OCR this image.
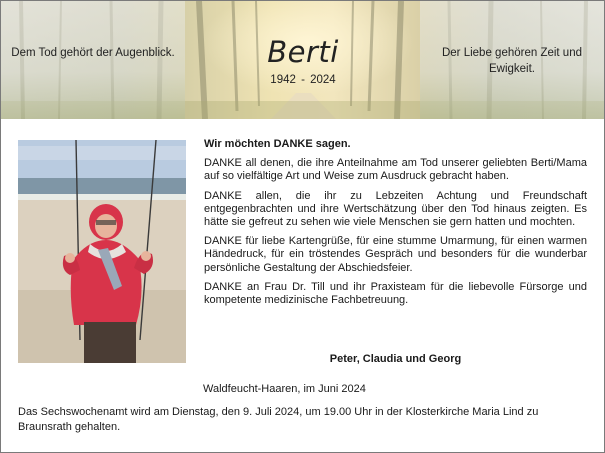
Dem Tod gehört der Augenblick.	Der Liebe gehören Zeit und Ewigkeit.
Berti
1942 - 2024

Wir möchten DANKE sagen.

DANKE all denen, die ihre Anteilnahme am Tod unserer geliebten Berti/Mama auf so vielfältige Art und Weise zum Ausdruck gebracht haben.

DANKE allen, die ihr zu Lebzeiten Achtung und Freundschaft entgegenbrachten und ihre Wertschätzung über den Tod hinaus zeigten. Es hätte sie gefreut zu sehen wie viele Menschen sie gern hatten und mochten.

DANKE für liebe Kartengrüße, für eine stumme Umarmung, für einen warmen Händedruck, für ein tröstendes Gespräch und besonders für die wunderbar persönliche Gestaltung der Abschiedsfeier.

DANKE an Frau Dr. Till und ihr Praxisteam für die liebevolle Fürsorge und kompetente medizinische Fachbetreuung.

Peter, Claudia und Georg
Waldfeucht-Haaren, im Juni 2024
Das Sechswochenamt wird am Dienstag, den 9. Juli 2024, um 19.00 Uhr in der Klosterkirche Maria Lind zu Braunsrath gehalten.
